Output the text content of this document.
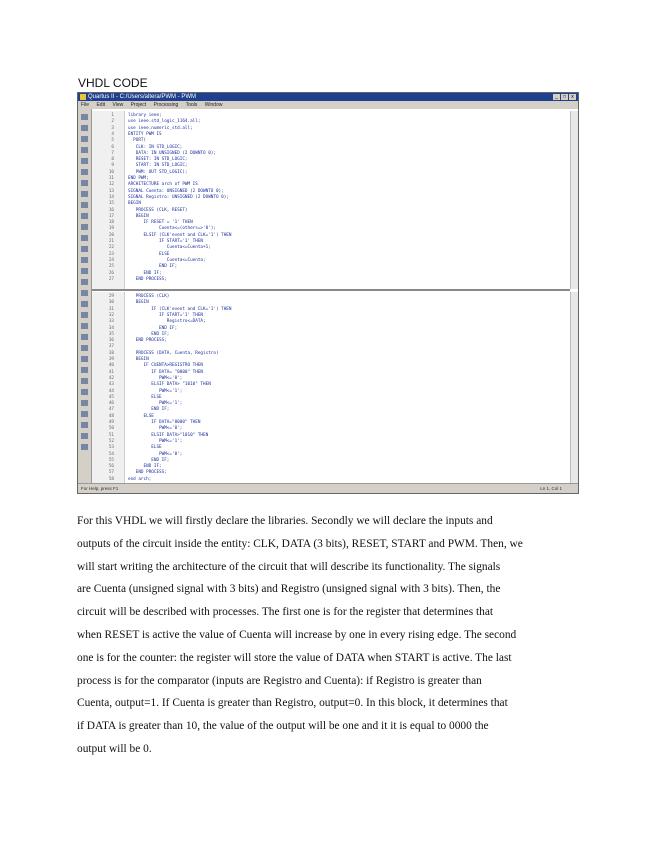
VHDL CODE
Quartus II - C:/Users/altera/PWM - PWM	_	□	x
File Edit View Project Processing Tools Window
1	library ieee;
2	use ieee.std_logic_1164.all;
3	use ieee.numeric_std.all;
4	ENTITY PWM IS
5	PORT(
6	CLK: IN STD_LOGIC;
7	DATA: IN UNSIGNED (2 DOWNTO 0);
8	RESET: IN STD_LOGIC;
9	START: IN STD_LOGIC;
10	PWM: OUT STD_LOGIC);
11	END PWM;
12	ARCHITECTURE arch of PWM IS
13	SIGNAL Cuenta: UNSIGNED (2 DOWNTO 0);
14	SIGNAL Registro: UNSIGNED (2 DOWNTO 0);
15	BEGIN
16	PROCESS (CLK, RESET)
17	BEGIN
18	IF RESET = '1' THEN
19	Cuenta<=(others=>'0');
20	ELSIF (CLK'event and CLK='1') THEN
21	IF START='1' THEN
22	Cuenta<=Cuenta+1;
23	ELSE
24	Cuenta<=Cuenta;
25	END IF;
26	END IF;
27	END PROCESS;
29	PROCESS (CLK)
30	BEGIN
31	IF (CLK'event and CLK='1') THEN
32	IF START='1' THEN
33	Registro<=DATA;
34	END IF;
35	END IF;
36	END PROCESS;
37
38	PROCESS (DATA, Cuenta, Registro)
39	BEGIN
40	IF CUENTA>REGISTRO THEN
41	IF DATA= "0000" THEN
42	PWM<='0';
43	ELSIF DATA> "1010" THEN
44	PWM<='1';
45	ELSE
46	PWM<='1';
47	END IF;
48	ELSE
49	IF DATA="0000" THEN
50	PWM<='0';
51	ELSIF DATA>"1010" THEN
52	PWM<='1';
53	ELSE
54	PWM<='0';
55	END IF;
56	END IF;
57	END PROCESS;
58	end arch;
For Help, press F1	Ln 1, Col 1
For this VHDL we will firstly declare the libraries. Secondly we will declare the inputs and
outputs of the circuit inside the entity: CLK, DATA (3 bits), RESET, START and PWM. Then, we
will start writing the architecture of the circuit that will describe its functionality. The signals
are Cuenta (unsigned signal with 3 bits) and Registro (unsigned signal with 3 bits). Then, the
circuit will be described with processes. The first one is for the register that determines that
when RESET is active the value of Cuenta will increase by one in every rising edge. The second
one is for the counter: the register will store the value of DATA when START is active. The last
process is for the comparator (inputs are Registro and Cuenta): if Registro is greater than
Cuenta, output=1. If Cuenta is greater than Registro, output=0. In this block, it determines that
if DATA is greater than 10, the value of the output will be one and it it is equal to 0000 the
output will be 0.
